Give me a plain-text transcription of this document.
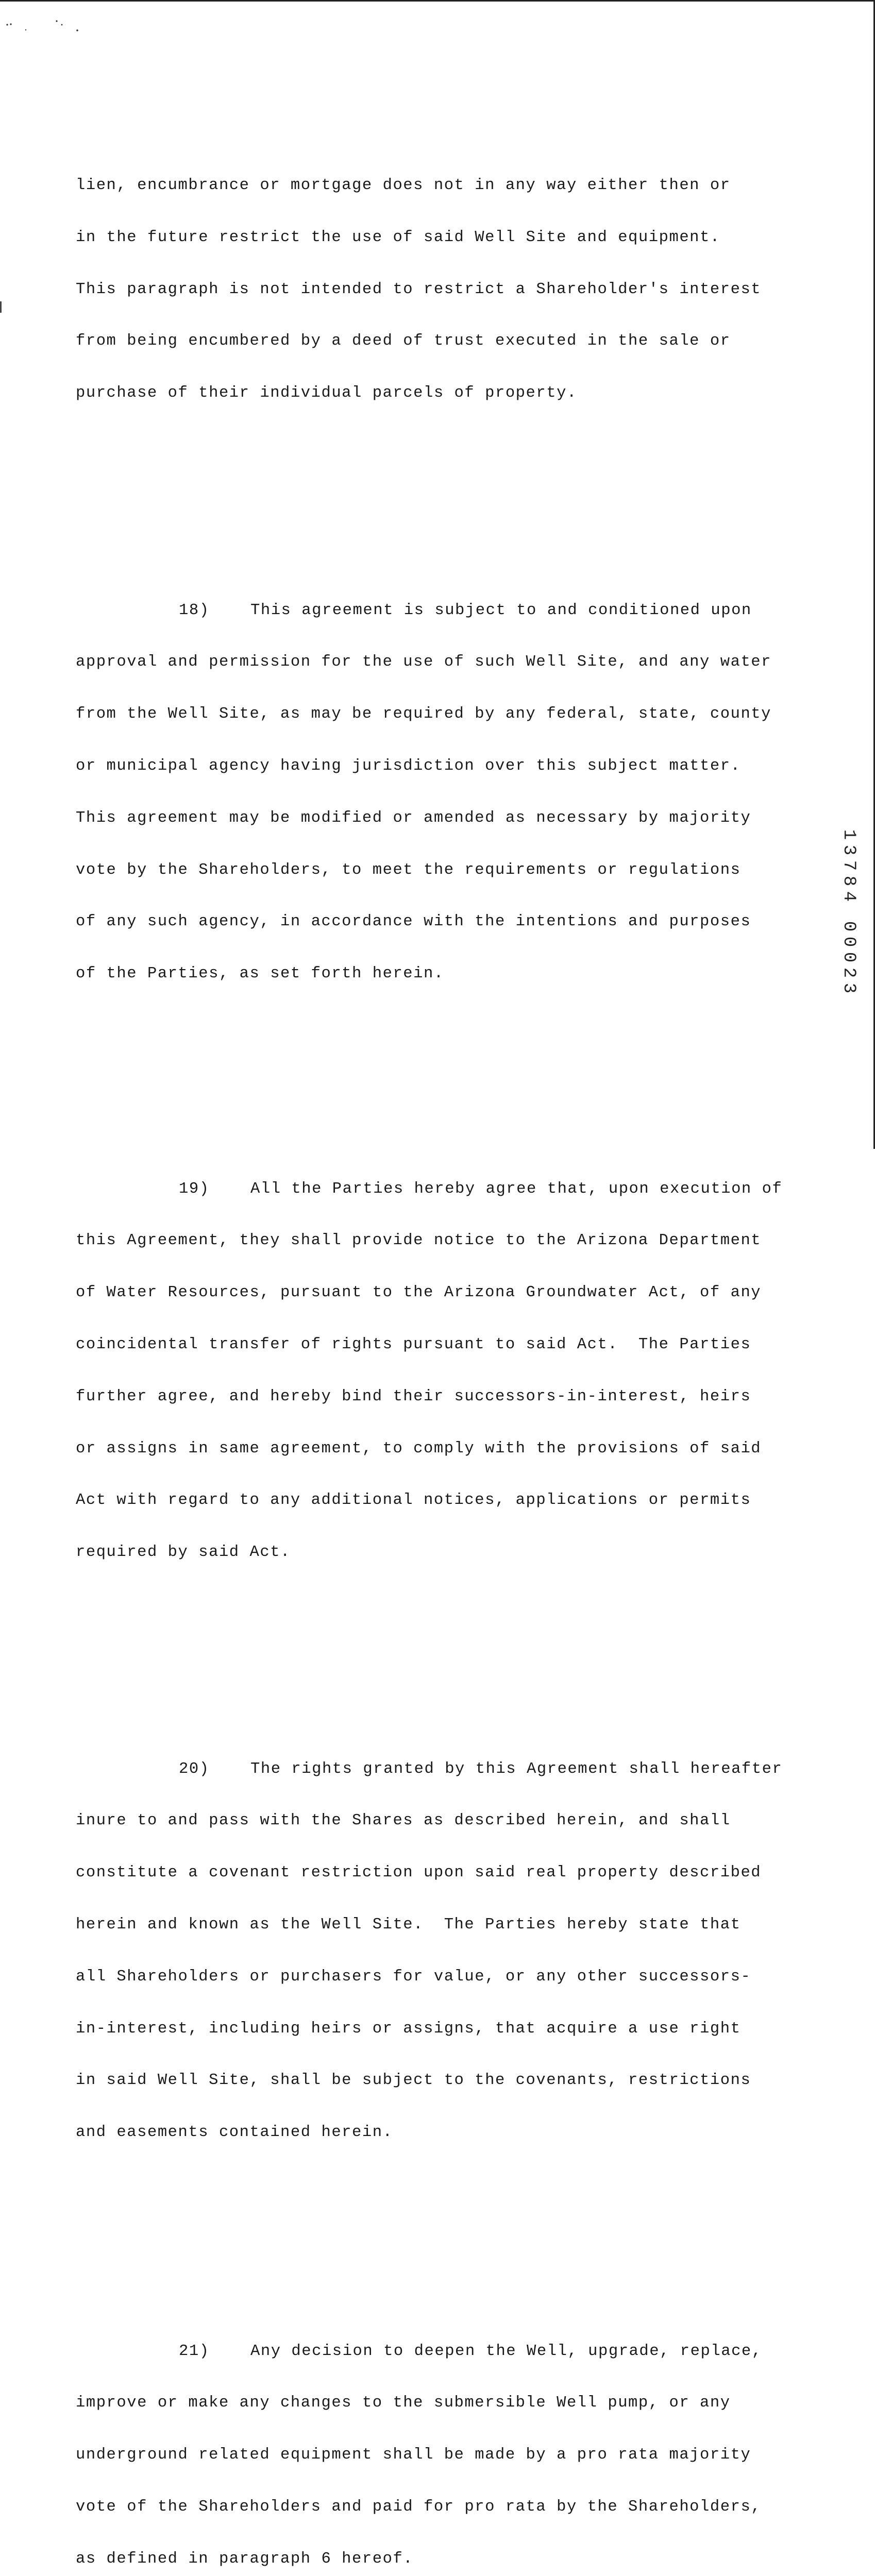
lien, encumbrance or mortgage does not in any way either then or

in the future restrict the use of said Well Site and equipment.

This paragraph is not intended to restrict a Shareholder's interest

from being encumbered by a deed of trust executed in the sale or

purchase of their individual parcels of property.

18)	This agreement is subject to and conditioned upon

approval and permission for the use of such Well Site, and any water

from the Well Site, as may be required by any federal, state, county

or municipal agency having jurisdiction over this subject matter.

This agreement may be modified or amended as necessary by majority

vote by the Shareholders, to meet the requirements or regulations

of any such agency, in accordance with the intentions and purposes

of the Parties, as set forth herein.

19)	All the Parties hereby agree that, upon execution of

this Agreement, they shall provide notice to the Arizona Department

of Water Resources, pursuant to the Arizona Groundwater Act, of any

coincidental transfer of rights pursuant to said Act.  The Parties

further agree, and hereby bind their successors-in-interest, heirs

or assigns in same agreement, to comply with the provisions of said

Act with regard to any additional notices, applications or permits

required by said Act.

20)	The rights granted by this Agreement shall hereafter

inure to and pass with the Shares as described herein, and shall

constitute a covenant restriction upon said real property described

herein and known as the Well Site.  The Parties hereby state that

all Shareholders or purchasers for value, or any other successors-

in-interest, including heirs or assigns, that acquire a use right

in said Well Site, shall be subject to the covenants, restrictions

and easements contained herein.

21)	Any decision to deepen the Well, upgrade, replace,

improve or make any changes to the submersible Well pump, or any

underground related equipment shall be made by a pro rata majority

vote of the Shareholders and paid for pro rata by the Shareholders,

as defined in paragraph 6 hereof.

1
3
7
8
4
0
0
0
2
3
